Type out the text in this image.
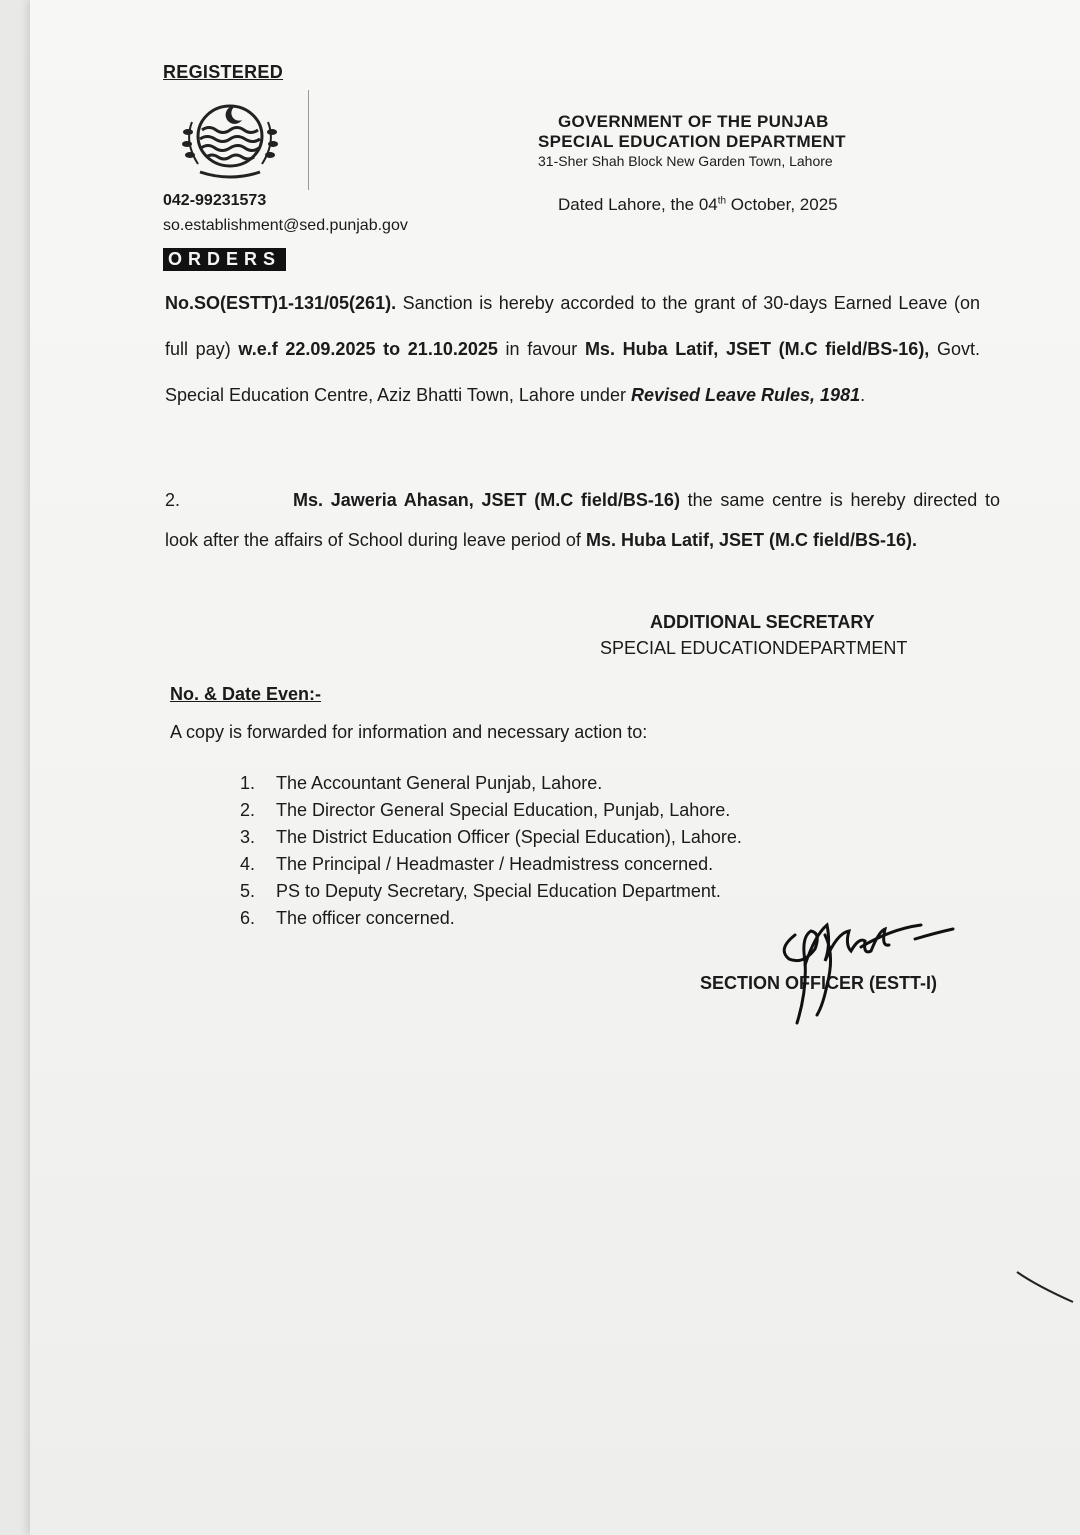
REGISTERED
042-99231573
so.establishment@sed.punjab.gov
GOVERNMENT OF THE PUNJAB
SPECIAL EDUCATION DEPARTMENT
31-Sher Shah Block New Garden Town, Lahore
Dated Lahore, the 04th October, 2025
ORDERS
No.SO(ESTT)1-131/05(261). Sanction is hereby accorded to the grant of 30-days Earned Leave (on full pay) w.e.f 22.09.2025 to 21.10.2025 in favour Ms. Huba Latif, JSET (M.C field/BS-16), Govt. Special Education Centre, Aziz Bhatti Town, Lahore under Revised Leave Rules, 1981.
2.	Ms. Jaweria Ahasan, JSET (M.C field/BS-16) the same centre is hereby directed to look after the affairs of School during leave period of Ms. Huba Latif, JSET (M.C field/BS-16).
ADDITIONAL SECRETARY
SPECIAL EDUCATIONDEPARTMENT
No. & Date Even:-
A copy is forwarded for information and necessary action to:
1. The Accountant General Punjab, Lahore.
2. The Director General Special Education, Punjab, Lahore.
3. The District Education Officer (Special Education), Lahore.
4. The Principal / Headmaster / Headmistress concerned.
5. PS to Deputy Secretary, Special Education Department.
6. The officer concerned.
SECTION OFFICER (ESTT-I)
